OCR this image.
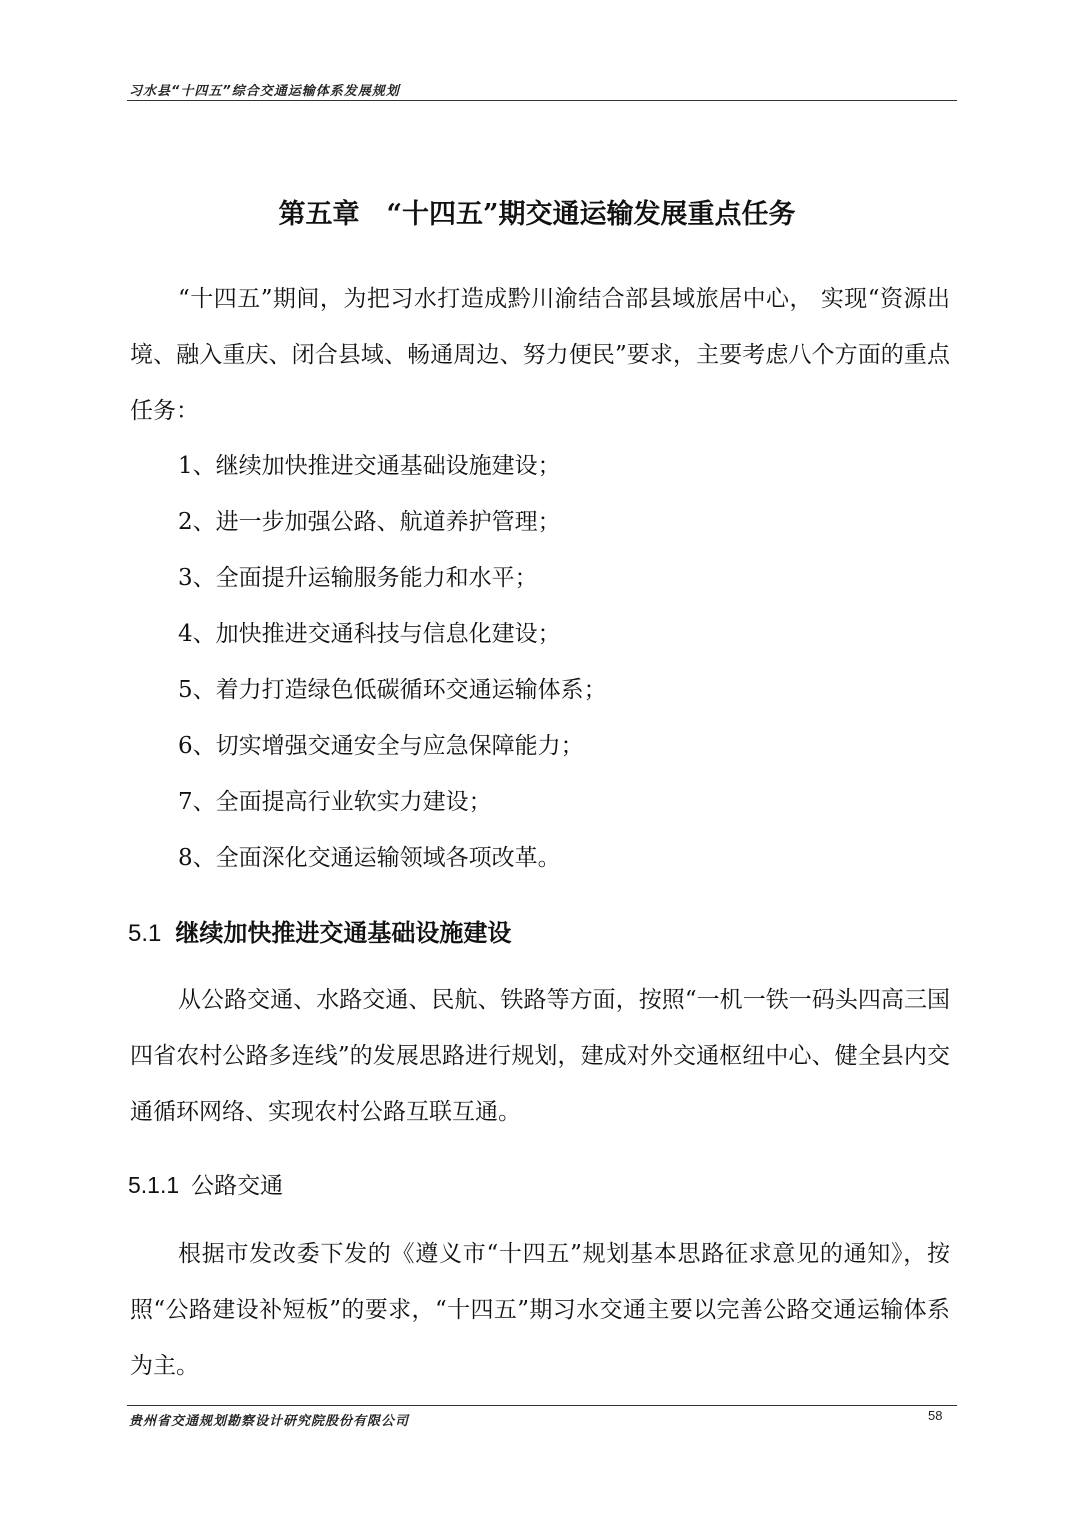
习水县“十四五”综合交通运输体系发展规划
第五章　“十四五”期交通运输发展重点任务

“十四五”期间，为把习水打造成黔川渝结合部县域旅居中心， 实现“资源出境、融入重庆、闭合县域、畅通周边、努力便民”要求，主要考虑八个方面的重点任务：

1、继续加快推进交通基础设施建设；
2、进一步加强公路、航道养护管理；
3、全面提升运输服务能力和水平；
4、加快推进交通科技与信息化建设；
5、着力打造绿色低碳循环交通运输体系；
6、切实增强交通安全与应急保障能力；
7、全面提高行业软实力建设；
8、全面深化交通运输领域各项改革。
5.1 继续加快推进交通基础设施建设

从公路交通、水路交通、民航、铁路等方面，按照“一机一铁一码头四高三国四省农村公路多连线”的发展思路进行规划，建成对外交通枢纽中心、健全县内交通循环网络、实现农村公路互联互通。

5.1.1 公路交通

根据市发改委下发的《遵义市“十四五”规划基本思路征求意见的通知》，按照“公路建设补短板”的要求，“十四五”期习水交通主要以完善公路交通运输体系为主。

贵州省交通规划勘察设计研究院股份有限公司	58
